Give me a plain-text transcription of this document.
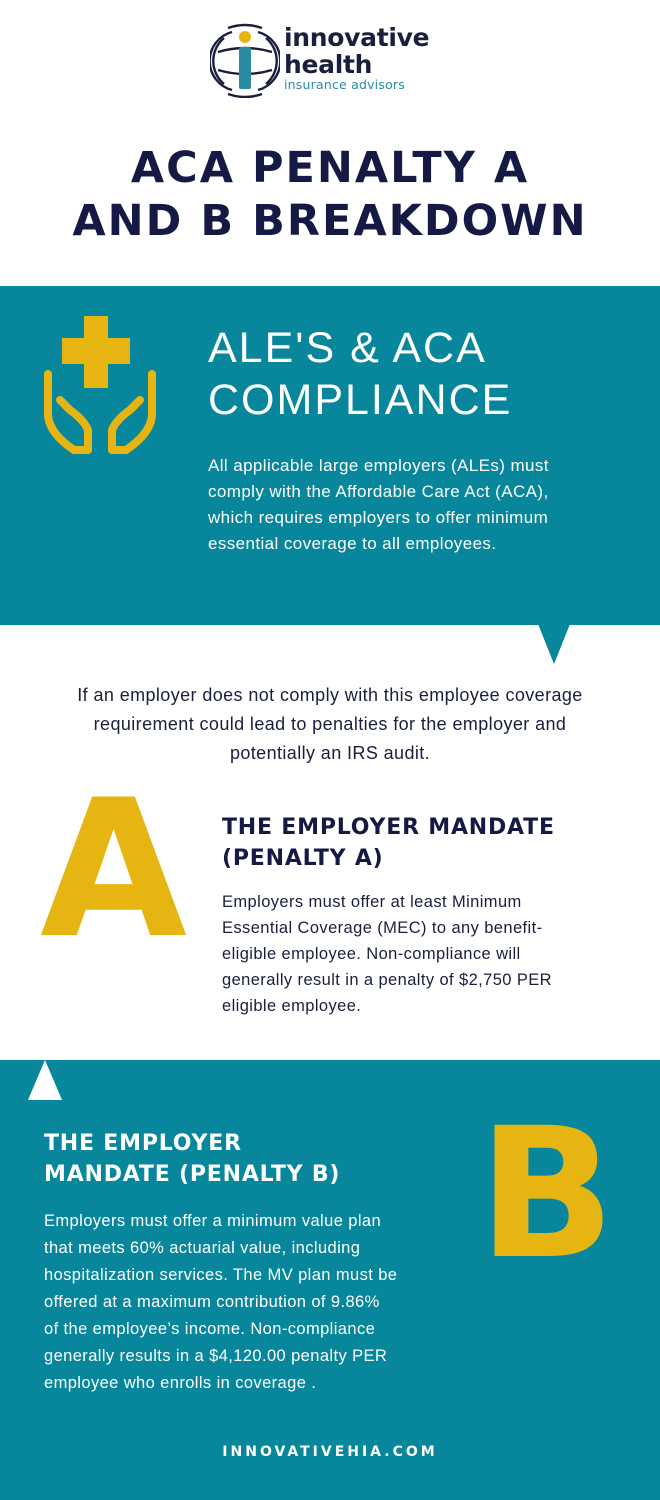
innovative
health
insurance advisors
ACA PENALTY A
AND B BREAKDOWN
ALE'S & ACA
COMPLIANCE
All applicable large employers (ALEs) must
comply with the Affordable Care Act (ACA),
which requires employers to offer minimum
essential coverage to all employees.
If an employer does not comply with this employee coverage
requirement could lead to penalties for the employer and
potentially an IRS audit.
A THE EMPLOYER MANDATE
(PENALTY A)
Employers must offer at least Minimum
Essential Coverage (MEC) to any benefit-
eligible employee. Non-compliance will
generally result in a penalty of $2,750 PER
eligible employee.
THE EMPLOYER
MANDATE (PENALTY B)
Employers must offer a minimum value plan
that meets 60% actuarial value, including
hospitalization services. The MV plan must be
offered at a maximum contribution of 9.86%
of the employee’s income. Non-compliance
generally results in a $4,120.00 penalty PER
employee who enrolls in coverage .
B
INNOVATIVEHIA.COM
